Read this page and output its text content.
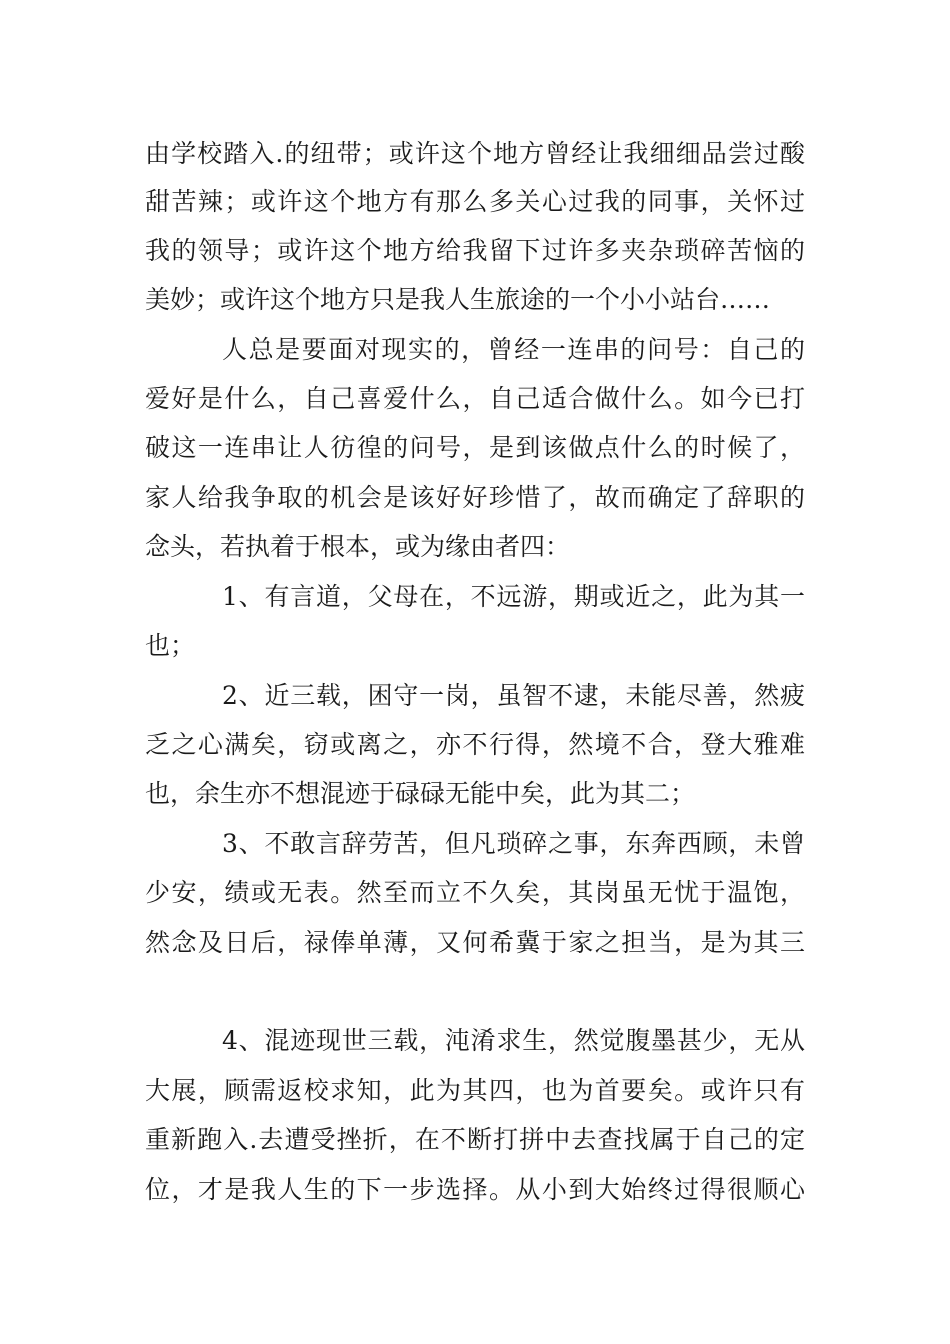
由学校踏入.的纽带；或许这个地方曾经让我细细品尝过酸
甜苦辣；或许这个地方有那么多关心过我的同事，关怀过
我的领导；或许这个地方给我留下过许多夹杂琐碎苦恼的
美妙；或许这个地方只是我人生旅途的一个小小站台……
人总是要面对现实的，曾经一连串的问号：自己的
爱好是什么，自己喜爱什么，自己适合做什么。如今已打
破这一连串让人彷徨的问号，是到该做点什么的时候了，
家人给我争取的机会是该好好珍惜了，故而确定了辞职的
念头，若执着于根本，或为缘由者四：
1、有言道，父母在，不远游，期或近之，此为其一
也；
2、近三载，困守一岗，虽智不逮，未能尽善，然疲
乏之心满矣，窃或离之，亦不行得，然境不合，登大雅难
也，余生亦不想混迹于碌碌无能中矣，此为其二；
3、不敢言辞劳苦，但凡琐碎之事，东奔西顾，未曾
少安，绩或无表。然至而立不久矣，其岗虽无忧于温饱，
然念及日后，禄俸单薄，又何希冀于家之担当，是为其三
4、混迹现世三载，沌淆求生，然觉腹墨甚少，无从
大展，顾需返校求知，此为其四，也为首要矣。或许只有
重新跑入.去遭受挫折，在不断打拼中去查找属于自己的定
位，才是我人生的下一步选择。从小到大始终过得很顺心
